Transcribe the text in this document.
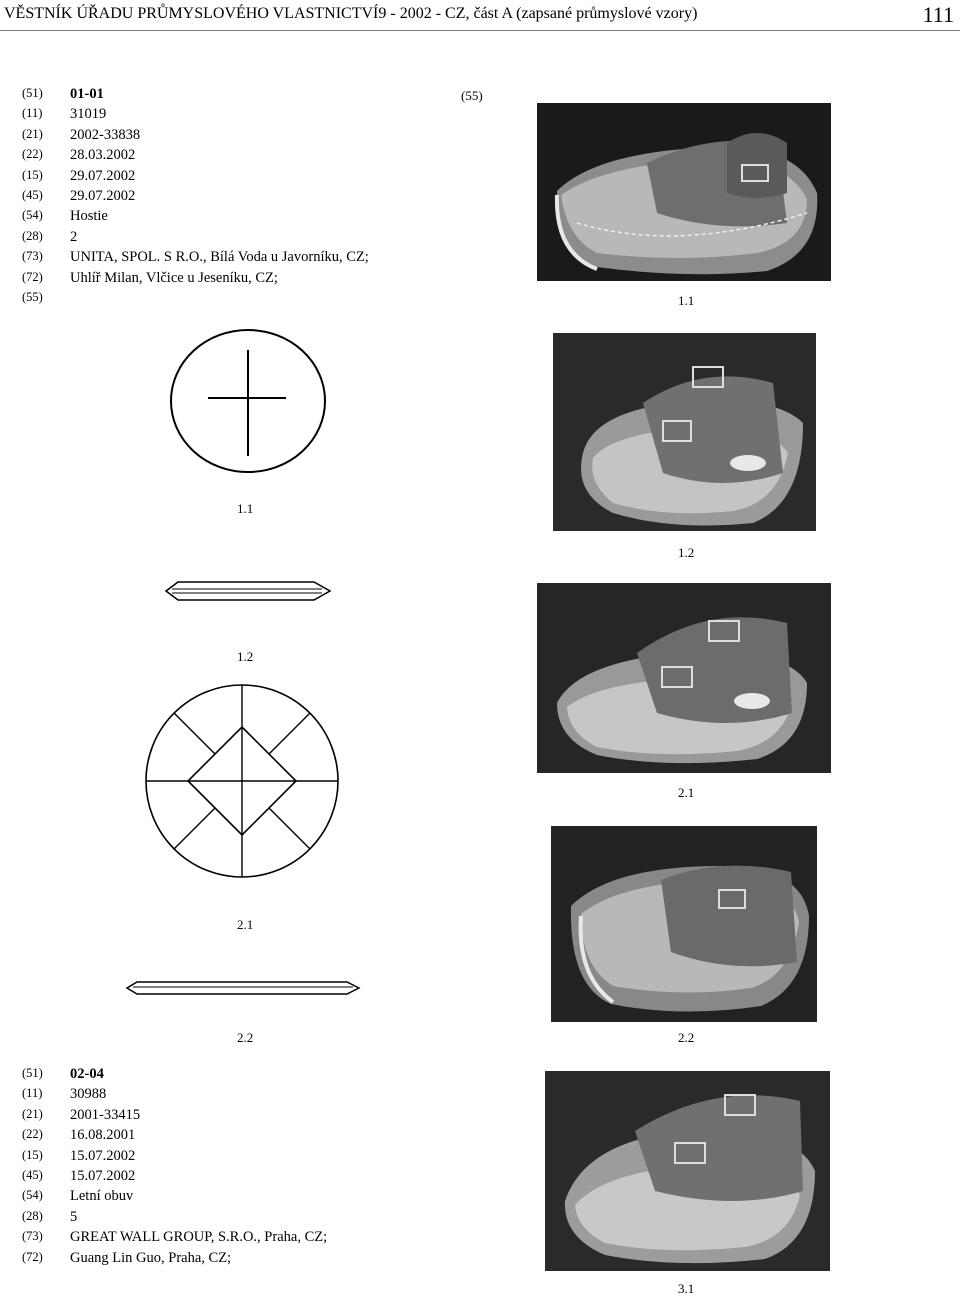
VĚSTNÍK ÚŘADU PRŮMYSLOVÉHO VLASTNICTVÍ9 - 2002 - CZ, část A (zapsané průmyslové vzory)	111
(51) 01-01
(11) 31019
(21) 2002-33838
(22) 28.03.2002
(15) 29.07.2002
(45) 29.07.2002
(54) Hostie
(28) 2
(73) UNITA, SPOL. S R.O., Bílá Voda u Javorníku, CZ;
(72) Uhlíř Milan, Vlčice u Jeseníku, CZ;
(55)
1.1
1.2
2.1
2.2
(55)
1.1
1.2
2.1
2.2
3.1
(51) 02-04
(11) 30988
(21) 2001-33415
(22) 16.08.2001
(15) 15.07.2002
(45) 15.07.2002
(54) Letní obuv
(28) 5
(73) GREAT WALL GROUP, S.R.O., Praha, CZ;
(72) Guang Lin Guo, Praha, CZ;
